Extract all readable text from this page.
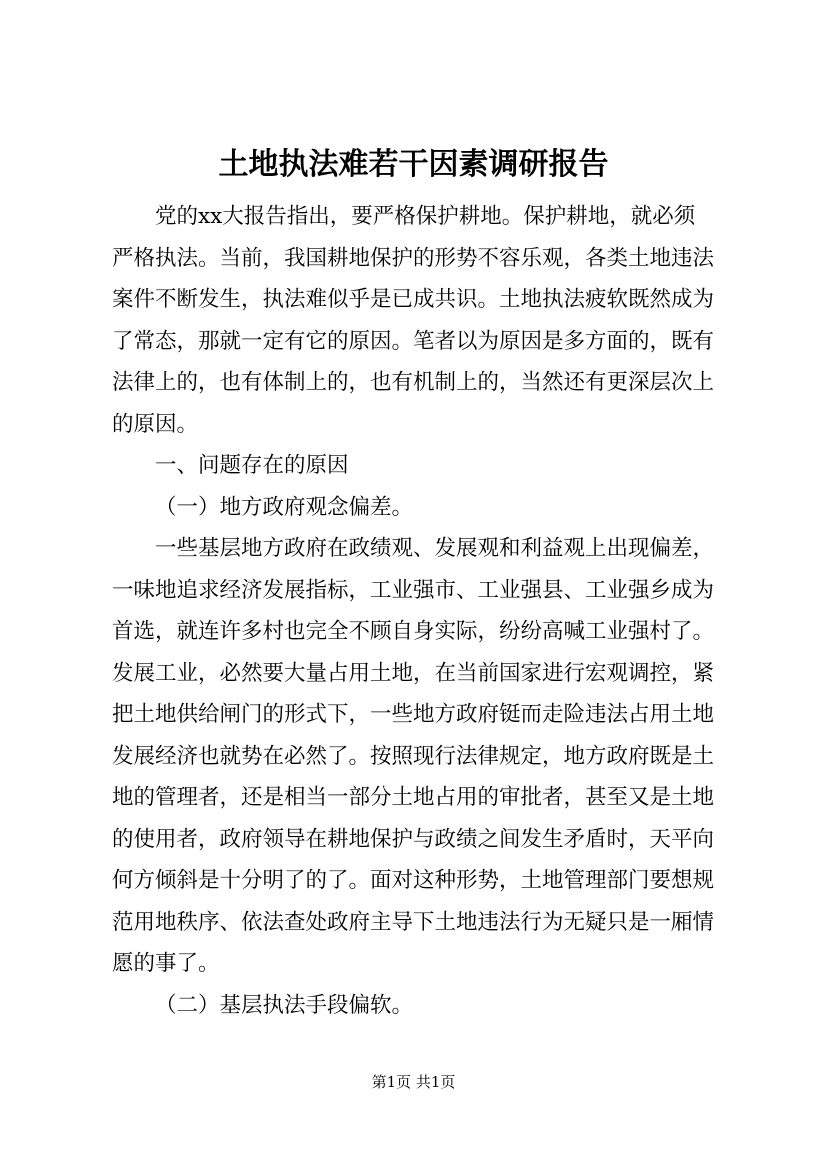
土地执法难若干因素调研报告
党的xx大报告指出，要严格保护耕地。保护耕地，就必须
严格执法。当前，我国耕地保护的形势不容乐观，各类土地违法
案件不断发生，执法难似乎是已成共识。土地执法疲软既然成为
了常态，那就一定有它的原因。笔者以为原因是多方面的，既有
法律上的，也有体制上的，也有机制上的，当然还有更深层次上
的原因。
一、问题存在的原因
（一）地方政府观念偏差。
一些基层地方政府在政绩观、发展观和利益观上出现偏差，
一味地追求经济发展指标，工业强市、工业强县、工业强乡成为
首选，就连许多村也完全不顾自身实际，纷纷高喊工业强村了。
发展工业，必然要大量占用土地，在当前国家进行宏观调控，紧
把土地供给闸门的形式下，一些地方政府铤而走险违法占用土地
发展经济也就势在必然了。按照现行法律规定，地方政府既是土
地的管理者，还是相当一部分土地占用的审批者，甚至又是土地
的使用者，政府领导在耕地保护与政绩之间发生矛盾时，天平向
何方倾斜是十分明了的了。面对这种形势，土地管理部门要想规
范用地秩序、依法查处政府主导下土地违法行为无疑只是一厢情
愿的事了。
（二）基层执法手段偏软。
第1页 共1页
